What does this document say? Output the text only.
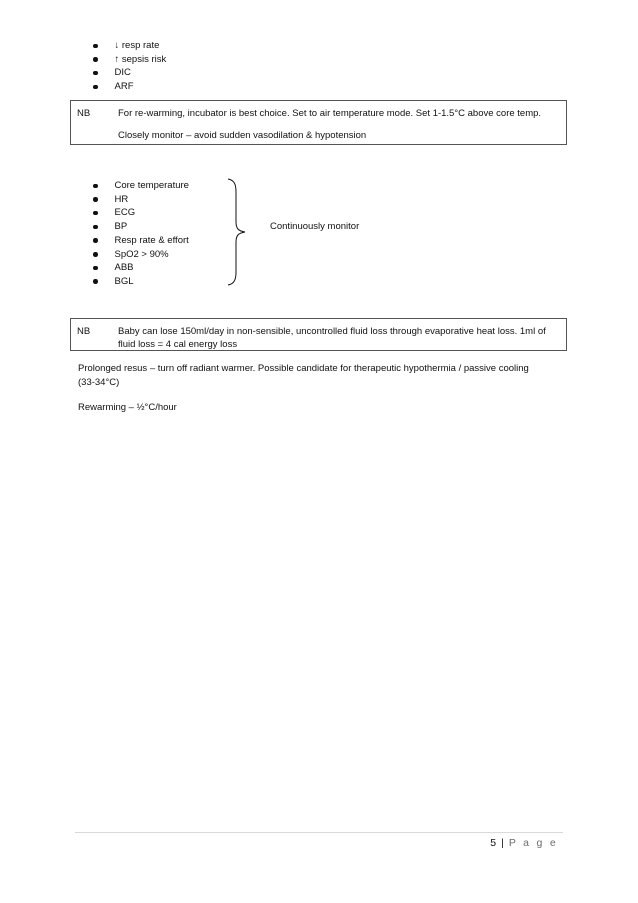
↓ resp rate
↑ sepsis risk
DIC
ARF
NB	For re-warming, incubator is best choice. Set to air temperature mode. Set 1-1.5°C above core temp.
Closely monitor – avoid sudden vasodilation & hypotension
Core temperature
HR
ECG
BP
Resp rate & effort
SpO2 > 90%
ABB
BGL
Continuously monitor
NB	Baby can lose 150ml/day in non-sensible, uncontrolled fluid loss through evaporative heat loss. 1ml of
fluid loss = 4 cal energy loss
Prolonged resus – turn off radiant warmer. Possible candidate for therapeutic hypothermia / passive cooling
(33-34°C)
Rewarming – ½°C/hour
5 | P a g e
